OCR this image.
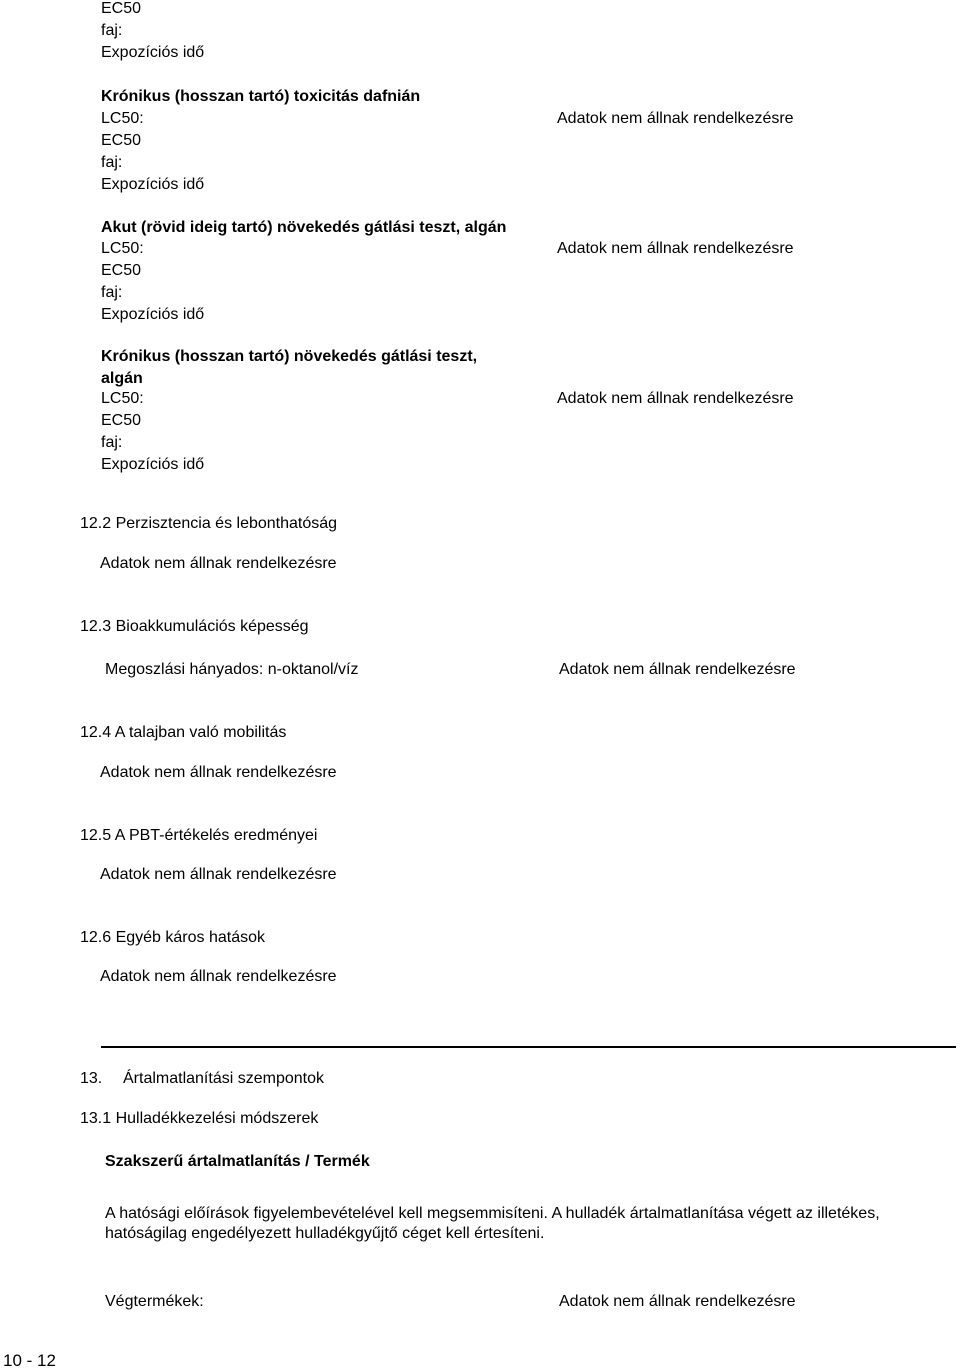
EC50
faj:
Expozíciós idő
Krónikus (hosszan tartó) toxicitás dafnián
LC50:
EC50
faj:
Expozíciós idő
Adatok nem állnak rendelkezésre
Akut (rövid ideig tartó) növekedés gátlási teszt, algán
LC50:
EC50
faj:
Expozíciós idő
Adatok nem állnak rendelkezésre
Krónikus (hosszan tartó) növekedés gátlási teszt,
algán
LC50:
EC50
faj:
Expozíciós idő
Adatok nem állnak rendelkezésre
12.2 Perzisztencia és lebonthatóság
Adatok nem állnak rendelkezésre
12.3 Bioakkumulációs képesség
Megoszlási hányados: n-oktanol/víz	Adatok nem állnak rendelkezésre
12.4 A talajban való mobilitás
Adatok nem állnak rendelkezésre
12.5 A PBT-értékelés eredményei
Adatok nem állnak rendelkezésre
12.6 Egyéb káros hatások
Adatok nem állnak rendelkezésre
13. Ártalmatlanítási szempontok
13.1 Hulladékkezelési módszerek
Szakszerű ártalmatlanítás / Termék
A hatósági előírások figyelembevételével kell megsemmisíteni. A hulladék ártalmatlanítása végett az illetékes,
hatóságilag engedélyezett hulladékgyűjtő céget kell értesíteni.
Végtermékek:	Adatok nem állnak rendelkezésre
10 - 12
